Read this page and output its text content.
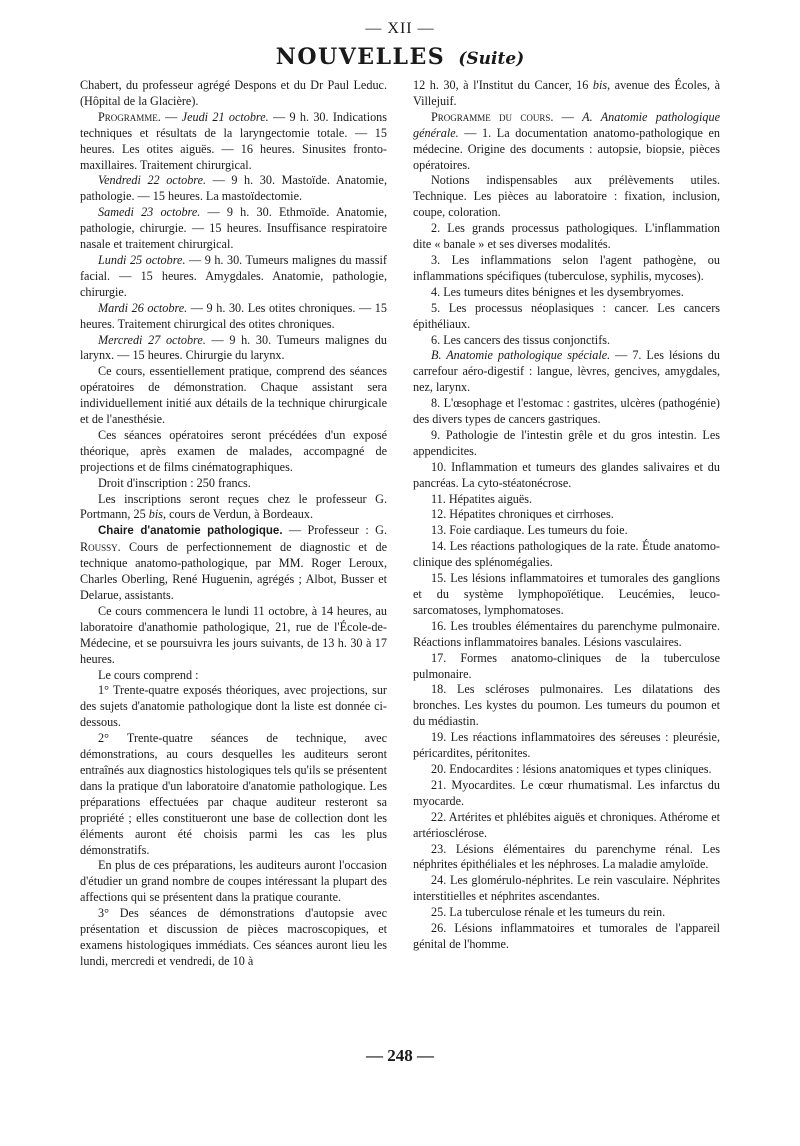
— XII —
NOUVELLES (Suite)

Chabert, du professeur agrégé Despons et du Dr Paul Leduc. (Hôpital de la Glacière).

Programme. — Jeudi 21 octobre. — 9 h. 30. Indications techniques et résultats de la laryngectomie totale. — 15 heures. Les otites aiguës. — 16 heures. Sinusites fronto-maxillaires. Traitement chirurgical.

Vendredi 22 octobre. — 9 h. 30. Mastoïde. Anatomie, pathologie. — 15 heures. La mastoïdectomie.

Samedi 23 octobre. — 9 h. 30. Ethmoïde. Anatomie, pathologie, chirurgie. — 15 heures. Insuffisance respiratoire nasale et traitement chirurgical.

Lundi 25 octobre. — 9 h. 30. Tumeurs malignes du massif facial. — 15 heures. Amygdales. Anatomie, pathologie, chirurgie.

Mardi 26 octobre. — 9 h. 30. Les otites chroniques. — 15 heures. Traitement chirurgical des otites chroniques.

Mercredi 27 octobre. — 9 h. 30. Tumeurs malignes du larynx. — 15 heures. Chirurgie du larynx.

Ce cours, essentiellement pratique, comprend des séances opératoires de démonstration. Chaque assistant sera individuellement initié aux détails de la technique chirurgicale et de l'anesthésie.

Ces séances opératoires seront précédées d'un exposé théorique, après examen de malades, accompagné de projections et de films cinématographiques.

Droit d'inscription : 250 francs.

Les inscriptions seront reçues chez le professeur G. Portmann, 25 bis, cours de Verdun, à Bordeaux.

Chaire d'anatomie pathologique. — Professeur : G. Roussy. Cours de perfectionnement de diagnostic et de technique anatomo-pathologique, par MM. Roger Leroux, Charles Oberling, René Huguenin, agrégés ; Albot, Busser et Delarue, assistants.

Ce cours commencera le lundi 11 octobre, à 14 heures, au laboratoire d'anathomie pathologique, 21, rue de l'École-de-Médecine, et se poursuivra les jours suivants, de 13 h. 30 à 17 heures.

Le cours comprend :

1° Trente-quatre exposés théoriques, avec projections, sur des sujets d'anatomie pathologique dont la liste est donnée ci-dessous.

2° Trente-quatre séances de technique, avec démonstrations, au cours desquelles les auditeurs seront entraînés aux diagnostics histologiques tels qu'ils se présentent dans la pratique d'un laboratoire d'anatomie pathologique. Les préparations effectuées par chaque auditeur resteront sa propriété ; elles constitueront une base de collection dont les éléments auront été choisis parmi les cas les plus démonstratifs.

En plus de ces préparations, les auditeurs auront l'occasion d'étudier un grand nombre de coupes intéressant la plupart des affections qui se présentent dans la pratique courante.

3° Des séances de démonstrations d'autopsie avec présentation et discussion de pièces macroscopiques, et examens histologiques immédiats. Ces séances auront lieu les lundi, mercredi et vendredi, de 10 à

12 h. 30, à l'Institut du Cancer, 16 bis, avenue des Écoles, à Villejuif.

Programme du cours. — A. Anatomie pathologique générale. — 1. La documentation anatomo-pathologique en médecine. Origine des documents : autopsie, biopsie, pièces opératoires.

Notions indispensables aux prélèvements utiles. Technique. Les pièces au laboratoire : fixation, inclusion, coupe, coloration.

2. Les grands processus pathologiques. L'inflammation dite « banale » et ses diverses modalités.

3. Les inflammations selon l'agent pathogène, ou inflammations spécifiques (tuberculose, syphilis, mycoses).

4. Les tumeurs dites bénignes et les dysembryomes.

5. Les processus néoplasiques : cancer. Les cancers épithéliaux.

6. Les cancers des tissus conjonctifs.

B. Anatomie pathologique spéciale. — 7. Les lésions du carrefour aéro-digestif : langue, lèvres, gencives, amygdales, nez, larynx.

8. L'œsophage et l'estomac : gastrites, ulcères (pathogénie) des divers types de cancers gastriques.

9. Pathologie de l'intestin grêle et du gros intestin. Les appendicites.

10. Inflammation et tumeurs des glandes salivaires et du pancréas. La cyto-stéatonécrose.

11. Hépatites aiguës.

12. Hépatites chroniques et cirrhoses.

13. Foie cardiaque. Les tumeurs du foie.

14. Les réactions pathologiques de la rate. Étude anatomo-clinique des splénomégalies.

15. Les lésions inflammatoires et tumorales des ganglions et du système lymphopoïétique. Leucémies, leuco-sarcomatoses, lymphomatoses.

16. Les troubles élémentaires du parenchyme pulmonaire. Réactions inflammatoires banales. Lésions vasculaires.

17. Formes anatomo-cliniques de la tuberculose pulmonaire.

18. Les scléroses pulmonaires. Les dilatations des bronches. Les kystes du poumon. Les tumeurs du poumon et du médiastin.

19. Les réactions inflammatoires des séreuses : pleurésie, péricardites, péritonites.

20. Endocardites : lésions anatomiques et types cliniques.

21. Myocardites. Le cœur rhumatismal. Les infarctus du myocarde.

22. Artérites et phlébites aiguës et chroniques. Athérome et artériosclérose.

23. Lésions élémentaires du parenchyme rénal. Les néphrites épithéliales et les néphroses. La maladie amyloïde.

24. Les glomérulo-néphrites. Le rein vasculaire. Néphrites interstitielles et néphrites ascendantes.

25. La tuberculose rénale et les tumeurs du rein.

26. Lésions inflammatoires et tumorales de l'appareil génital de l'homme.

— 248 —
